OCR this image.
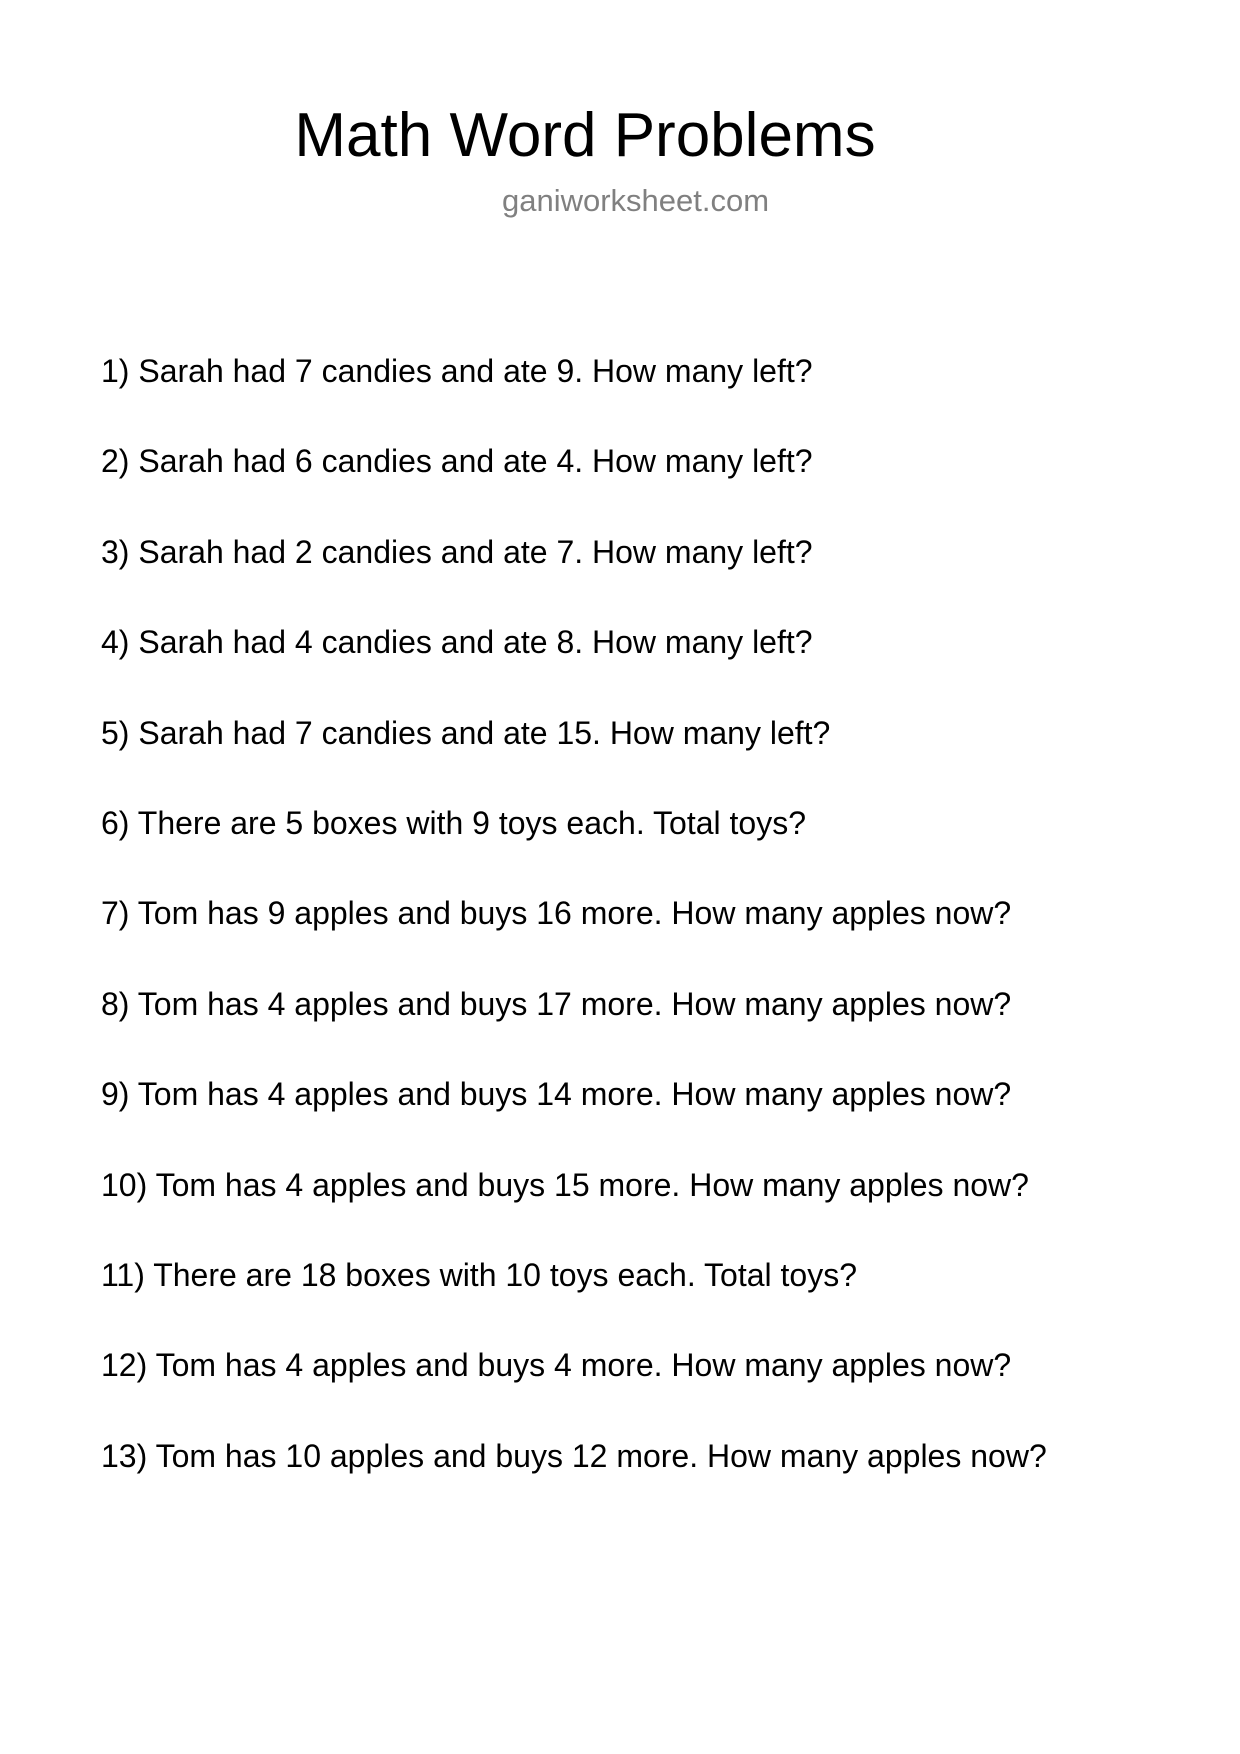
Math Word Problems
ganiworksheet.com
1) Sarah had 7 candies and ate 9. How many left?
2) Sarah had 6 candies and ate 4. How many left?
3) Sarah had 2 candies and ate 7. How many left?
4) Sarah had 4 candies and ate 8. How many left?
5) Sarah had 7 candies and ate 15. How many left?
6) There are 5 boxes with 9 toys each. Total toys?
7) Tom has 9 apples and buys 16 more. How many apples now?
8) Tom has 4 apples and buys 17 more. How many apples now?
9) Tom has 4 apples and buys 14 more. How many apples now?
10) Tom has 4 apples and buys 15 more. How many apples now?
11) There are 18 boxes with 10 toys each. Total toys?
12) Tom has 4 apples and buys 4 more. How many apples now?
13) Tom has 10 apples and buys 12 more. How many apples now?
